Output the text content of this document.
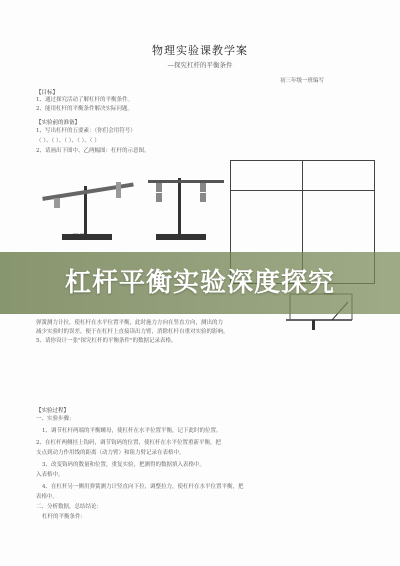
物理实验课教学案
—探究杠杆的平衡条件
初三年级一班编写
【目标】
1、通过探究活动了解杠杆的平衡条件。
2、能用杠杆的平衡条件解决实际问题。
【实验前的准备】
1、写出杠杆的五要素：（你们会用符号）
（ ）、（ ）、（ ）、（ ）、（ ）
2、请画出下图中、乙两幅图：杠杆的示意图。
甲乙
弹簧测力计拉，使杠杆在水平位置平衡，此时施力方向在竖直方向，测出的力
减少实验时的误差，便于在杠杆上直接读出力臂，消除杠杆自重对实验的影响。
5、请你设计一张"探究杠杆的平衡条件"的数据记录表格。
【实验过程】
一、实验步骤：
1、调节杠杆两端的平衡螺母，使杠杆在水平位置平衡，记下此时的位置。
2、在杠杆两侧挂上钩码，调节钩码的位置，使杠杆在水平位置重新平衡，把
支点到动力作用线的距离（动力臂）和阻力臂记录在表格中。
3、改变钩码的数量和位置，重复实验，把测得的数据填入表格中。
入表格中。
4、在杠杆另一侧用弹簧测力计竖直向下拉，调整拉力，使杠杆在水平位置平衡，把
表格中。
二、分析数据，总结结论：
杠杆的平衡条件：
杠杆平衡实验深度探究
